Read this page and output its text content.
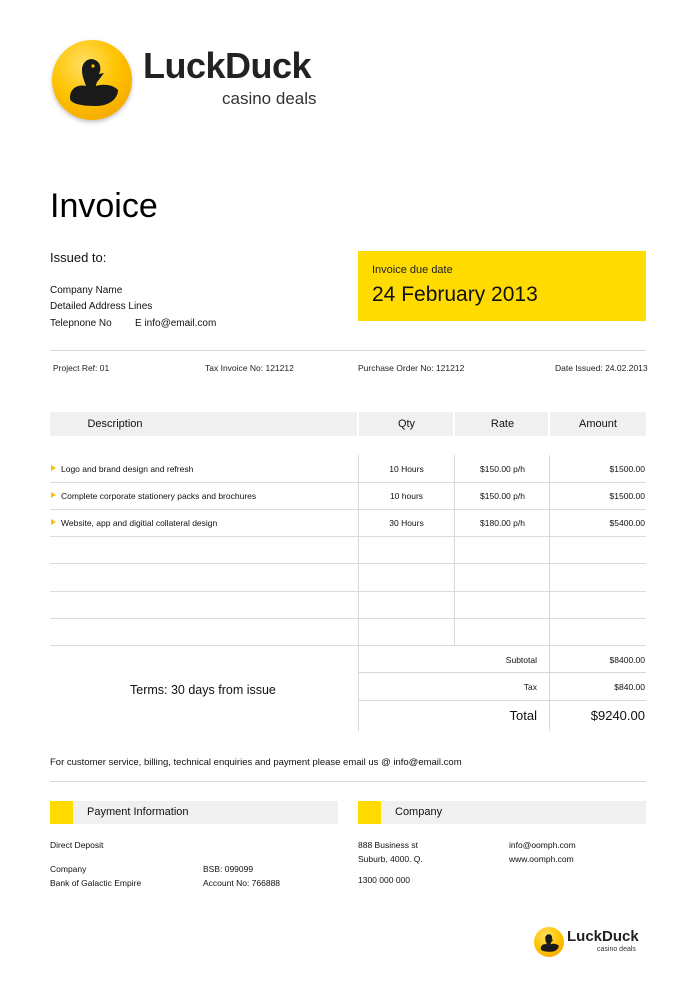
LuckDuck
casino deals
Invoice
Issued to:
Company Name
Detailed Address Lines
Telepnone No E info@email.com
Invoice due date
24 February 2013
Project Ref: 01	Tax Invoice No: 121212	Purchase Order No: 121212	Date Issued: 24.02.2013
Description	Qty	Rate	Amount
Logo and brand design and refresh	10 Hours	$150.00 p/h	$1500.00
Complete corporate stationery packs and brochures	10 hours	$150.00 p/h	$1500.00
Website, app and digitial collateral design	30 Hours	$180.00 p/h	$5400.00
Terms: 30 days from issue
Subtotal	$8400.00
Tax	$840.00
Total	$9240.00
For customer service, billing, technical enquiries and payment please email us @ info@email.com
Payment Information
Direct Deposit
Company
Bank of Galactic Empire
BSB: 099099
Account No: 766888
Company
888 Business st
Suburb, 4000. Q.
1300 000 000
info@oomph.com
www.oomph.com
LuckDuck
casino deals
